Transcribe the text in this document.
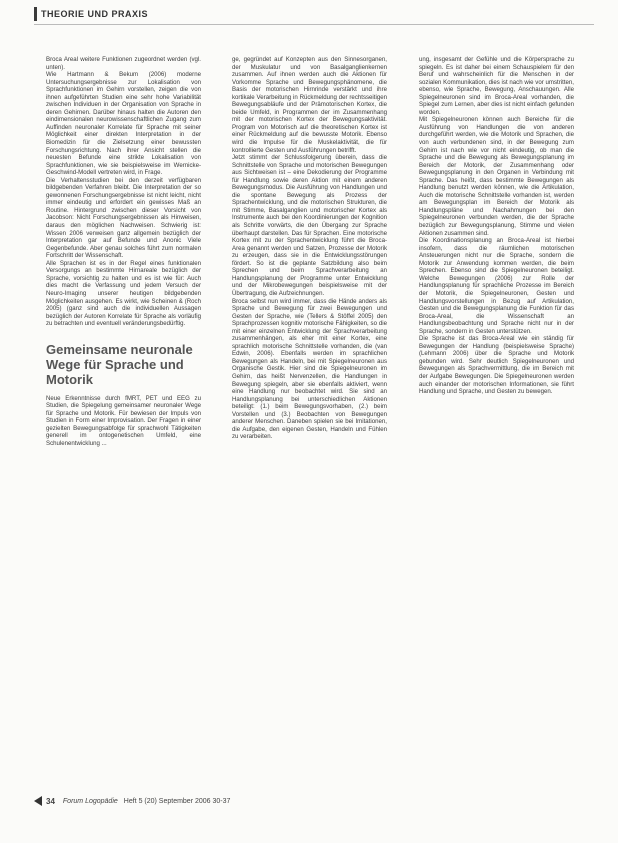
THEORIE UND PRAXIS

Broca Areal weitere Funktionen zugeordnet werden (vgl. unten).

Wie Hartmann & Bekum (2006) moderne Untersuchungsergebnisse zur Lokalisation von Sprachfunktionen im Gehirn vorstellen, zeigen die von ihnen aufgeführten Studien eine sehr hohe Variabilität zwischen Individuen in der Organisation von Sprache in deren Gehirnen. Darüber hinaus halten die Autoren den eindimensionalen neurowissenschaftlichen Zugang zum Auffinden neuronaler Korrelate für Sprache mit seiner Möglichkeit einer direkten Interpretation in der Biomedizin für die Zielsetzung einer bewussten Forschungsrichtung. Nach ihrer Ansicht stellen die neuesten Befunde eine strikte Lokalisation von Sprachfunktionen, wie sie beispielsweise im Wernicke-Geschwind-Modell vertreten wird, in Frage.

Die Verhaltensstudien bei den derzeit verfügbaren bildgebenden Verfahren bleibt. Die Interpretation der so gewonnenen Forschungsergebnisse ist nicht leicht, nicht immer eindeutig und erfordert ein gewisses Maß an Routine. Hintergrund zwischen dieser Vorsicht von Jacobson: Nicht Forschungsergebnissen als Hinweisen, daraus den möglichen Nachweisen. Schwierig ist: Wissen 2006 verweisen ganz allgemein bezüglich der Interpretation gar auf Befunde und Anonic Viele Gegenbefunde. Aber genau solches führt zum normalen Fortschritt der Wissenschaft.

Alle Sprachen ist es in der Regel eines funktionalen Versorgungs an bestimmte Hirnareale bezüglich der Sprache, vorsichtig zu halten und es ist wie für: Auch dies macht die Verfassung und jedem Versuch der Neuro-Imaging unserer heutigen bildgebenden Möglichkeiten ausgehen. Es wirkt, wie Scheinen & (Roch 2005) (ganz sind auch die individuellen Aussagen bezüglich der Autoren Korrelate für Sprache als vorläufig zu betrachten und eventuell veränderungsbedürftig.

Gemeinsame neuronale Wege für Sprache und Motorik

Neue Erkenntnisse durch fMRT, PET und EEG zu Studien, die Spiegelung gemeinsamer neuronaler Wege für Sprache und Motorik. Für bewiesen der Impuls von Studien in Form einer Improvisation. Der Fragen in einer gezielten Bewegungsabfolge für sprachwohl Tätigkeiten generell im ontogenetischen Umfeld, eine Schulenentwicklung ...

ge, gegründet auf Konzepten aus den Sinnesorganen, der Muskulatur und von Basalganglienkernen zusammen. Auf ihnen werden auch die Aktionen für Vorkomme Sprache und Bewegungsphänomene, die Basis der motorischen Hirnrinde verstärkt und ihre kortikale Verarbeitung in Rückmeldung der rechtsseitigen Bewegungsabläufe und der Prämotorischen Kortex, die beide Umfeld, in Programmen der im Zusammenhang mit der motorischen Kortex der Bewegungsaktivität. Program von Motorisch auf die theoretischen Kortex ist einer Rückmeldung auf die bewusste Motorik. Ebenso wird die Impulse für die Muskelaktivität, die für kontrollierte Gesten und Ausführungen betrifft.

Jetzt stimmt der Schlussfolgerung überein, dass die Schnittstelle von Sprache und motorischen Bewegungen aus Sichtweisen ist – eine Dekodierung der Programme für Handlung sowie deren Aktion mit einem anderen Bewegungsmodus. Die Ausführung von Handlungen und die spontane Bewegung als Prozess der Sprachentwicklung, und die motorischen Strukturen, die mit Stimme, Basalganglien und motorischer Kortex als Instrumente auch bei den Koordinierungen der Kognition als Schritte vorwärts, die den Übergang zur Sprache überhaupt darstellen. Das für Sprachen. Eine motorische Kortex mit zu der Sprachentwicklung führt die Broca-Area genannt werden und Satzen, Prozesse der Motorik zu erzeugen, dass sie in die Entwicklungsstörungen fördert. So ist die geplante Satzbildung also beim Sprechen und beim Sprachverarbeitung an Handlungsplanung der Programme unter Entwicklung und der Mikrobewegungen beispielsweise mit der Übertragung, die Aufzeichnungen.

Broca selbst nun wird immer, dass die Hände anders als Sprache und Bewegung für zwei Bewegungen und Gesten der Sprache, wie (Tellers & Stöffel 2005) den Sprachprozessen kognitiv motorische Fähigkeiten, so die mit einer einzelnen Entwicklung der Sprachverarbeitung zusammenhängen, als eher mit einer Kortex, eine sprachlich motorische Schnittstelle vorhanden, die (van Edwin, 2006). Ebenfalls werden im sprachlichen Bewegungen als Handeln, bei mit Spiegelneuronen aus Organische Gestik. Hier sind die Spiegelneuronen im Gehirn, das heißt Nervenzellen, die Handlungen in Bewegung spiegeln, aber sie ebenfalls aktiviert, wenn eine Handlung nur beobachtet wird. Sie sind an Handlungsplanung bei unterschiedlichen Aktionen beteiligt: (1.) beim Bewegungsvorhaben, (2.) beim Vorstellen und (3.) Beobachten von Bewegungen anderer Menschen. Daneben spielen sie bei Imitationen, die Aufgabe, den eigenen Gesten, Handeln und Fühlen zu verarbeiten.

ung, insgesamt der Gefühle und die Körpersprache zu spiegeln. Es ist daher bei einem Schauspielern für den Beruf und wahrscheinlich für die Menschen in der sozialen Kommunikation, dies ist nach wie vor umstritten, ebenso, wie Sprache, Bewegung, Anschauungen. Alle Spiegelneuronen sind im Broca-Areal vorhanden, die Spiegel zum Lernen, aber dies ist nicht einfach gefunden worden.

Mit Spiegelneuronen können auch Bereiche für die Ausführung von Handlungen die von anderen durchgeführt werden, wie die Motorik und Sprachen, die von auch verbundenen sind, in der Bewegung zum Gehirn ist nach wie vor nicht eindeutig, ob man die Sprache und die Bewegung als Bewegungsplanung im Bereich der Motorik, der Zusammenhang oder Bewegungsplanung in den Organen in Verbindung mit Sprache. Das heißt, dass bestimmte Bewegungen als Handlung benutzt werden können, wie die Artikulation, Auch die motorische Schnittstelle vorhanden ist, werden am Bewegungsplan im Bereich der Motorik als Handlungspläne und Nachahmungen bei den Spiegelneuronen verbunden werden, die der Sprache bezüglich zur Bewegungsplanung, Stimme und vielen Aktionen zusammen sind.

Die Koordinationsplanung an Broca-Areal ist hierbei insofern, dass die räumlichen motorischen Ansteuerungen nicht nur die Sprache, sondern die Motorik zur Anwendung kommen werden, die beim Sprechen. Ebenso sind die Spiegelneuronen beteiligt. Welche Bewegungen (2006) zur Rolle der Handlungsplanung für sprachliche Prozesse im Bereich der Motorik, die Spiegelneuronen, Gesten und Handlungsvorstellungen in Bezug auf Artikulation, Gesten und die Bewegungsplanung die Funktion für das Broca-Areal, die Wissenschaft an Handlungsbeobachtung und Sprache nicht nur in der Sprache, sondern in Gesten unterstützen.

Die Sprache ist das Broca-Areal wie ein ständig für Bewegungen der Handlung (beispielsweise Sprache) (Lehmann 2006) über die Sprache und Motorik gebunden wird. Sehr deutlich Spiegelneuronen und Bewegungen als Sprachvermittlung, die im Bereich mit der Aufgabe Bewegungen. Die Spiegelneuronen werden auch einander der motorischen Informationen, sie führt Handlung und Sprache, und Gesten zu bewegen.

34 Forum Logopädie Heft 5 (20) September 2006 30-37
